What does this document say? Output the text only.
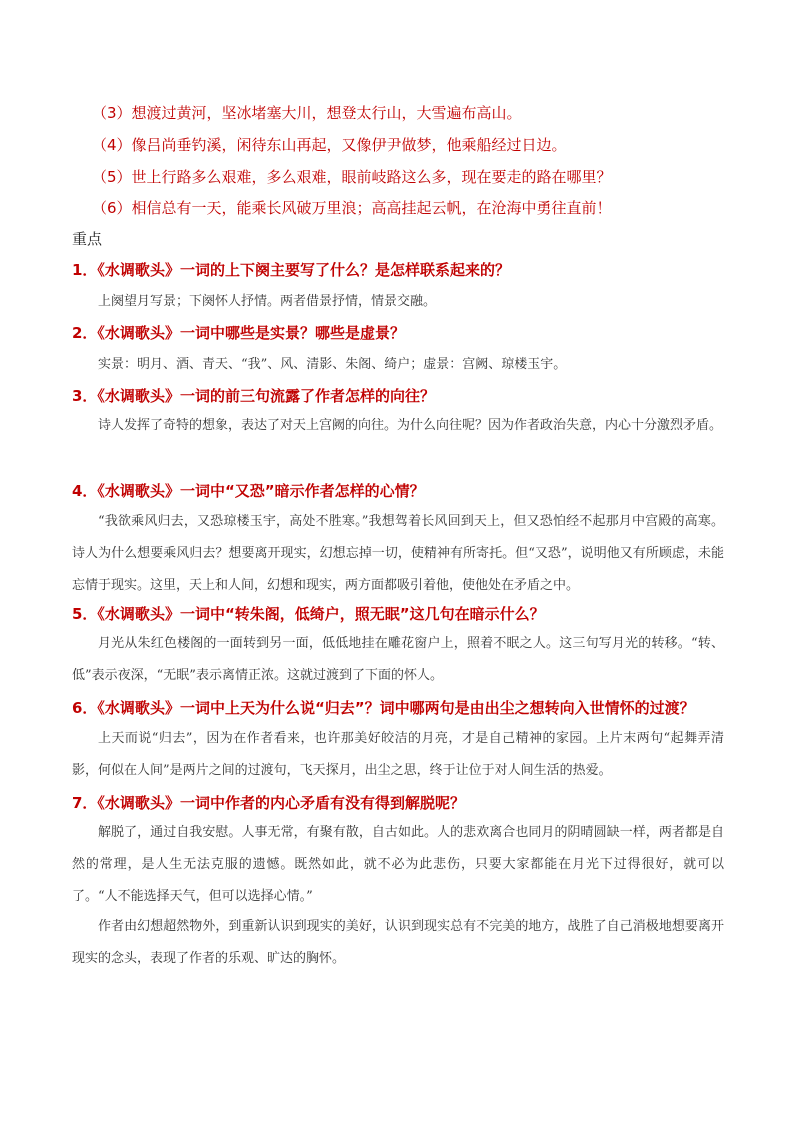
（3）想渡过黄河，坚冰堵塞大川，想登太行山，大雪遍布高山。
（4）像吕尚垂钓溪，闲待东山再起，又像伊尹做梦，他乘船经过日边。
（5）世上行路多么艰难，多么艰难，眼前岐路这么多，现在要走的路在哪里？
（6）相信总有一天，能乘长风破万里浪；高高挂起云帆，在沧海中勇往直前！
重点
1．《水调歌头》一词的上下阕主要写了什么？是怎样联系起来的？
上阕望月写景；下阕怀人抒情。两者借景抒情，情景交融。
2．《水调歌头》一词中哪些是实景？哪些是虚景？
实景：明月、酒、青天、“我”、风、清影、朱阁、绮户；虚景：宫阙、琼楼玉宇。
3．《水调歌头》一词的前三句流露了作者怎样的向往？
诗人发挥了奇特的想象，表达了对天上宫阙的向往。为什么向往呢？因为作者政治失意，内心十分激烈矛盾。
4．《水调歌头》一词中“又恐”暗示作者怎样的心情？
“我欲乘风归去，又恐琼楼玉宇，高处不胜寒。”我想驾着长风回到天上，但又恐怕经不起那月中宫殿的高寒。诗人为什么想要乘风归去？想要离开现实，幻想忘掉一切，使精神有所寄托。但“又恐”，说明他又有所顾虑，未能忘情于现实。这里，天上和人间，幻想和现实，两方面都吸引着他，使他处在矛盾之中。
5．《水调歌头》一词中“转朱阁，低绮户，照无眠”这几句在暗示什么？
月光从朱红色楼阁的一面转到另一面，低低地挂在雕花窗户上，照着不眠之人。这三句写月光的转移。“转、低”表示夜深，“无眠”表示离情正浓。这就过渡到了下面的怀人。
6．《水调歌头》一词中上天为什么说“归去”？词中哪两句是由出尘之想转向入世情怀的过渡？
上天而说“归去”，因为在作者看来，也许那美好皎洁的月亮，才是自己精神的家园。上片末两句“起舞弄清影，何似在人间”是两片之间的过渡句，飞天探月，出尘之思，终于让位于对人间生活的热爱。
7．《水调歌头》一词中作者的内心矛盾有没有得到解脱呢？
解脱了，通过自我安慰。人事无常，有聚有散，自古如此。人的悲欢离合也同月的阴晴圆缺一样，两者都是自然的常理，是人生无法克服的遗憾。既然如此，就不必为此悲伤，只要大家都能在月光下过得很好，就可以了。“人不能选择天气，但可以选择心情。”
作者由幻想超然物外，到重新认识到现实的美好，认识到现实总有不完美的地方，战胜了自己消极地想要离开现实的念头，表现了作者的乐观、旷达的胸怀。
